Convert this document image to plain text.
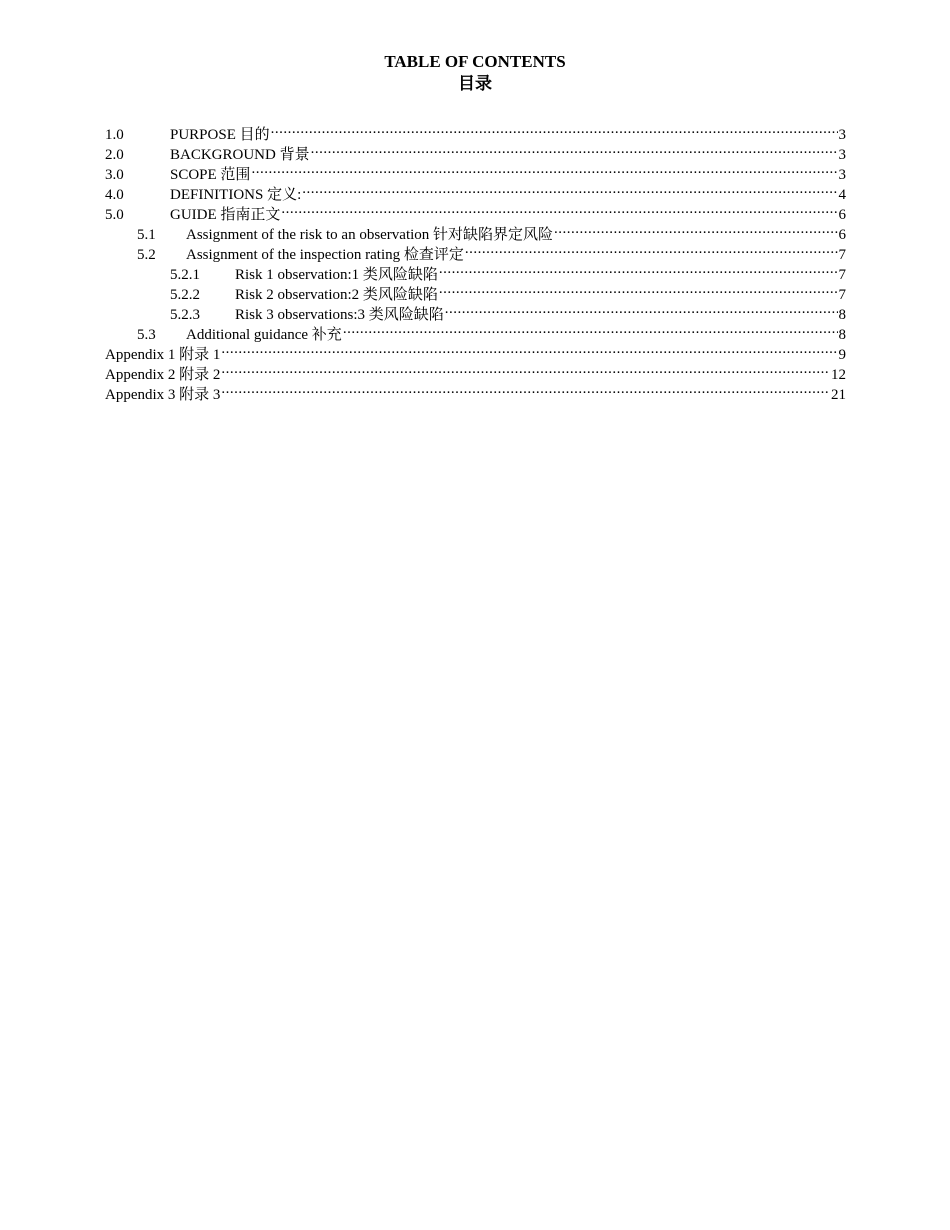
TABLE OF CONTENTS
目录
1.0	PURPOSE 目的 .....	3
2.0	BACKGROUND 背景 .....	3
3.0	SCOPE 范围 .....	3
4.0	DEFINITIONS 定义: .....	4
5.0	GUIDE 指南正文 .....	6
5.1	Assignment of the risk to an observation 针对缺陷界定风险 .....	6
5.2	Assignment of the inspection rating 检查评定 .....	7
5.2.1	Risk 1 observation:1 类风险缺陷 .....	7
5.2.2	Risk 2 observation:2 类风险缺陷 .....	7
5.2.3	Risk 3 observations:3 类风险缺陷 .....	8
5.3	Additional guidance 补充 .....	8
Appendix 1 附录 1 .....	9
Appendix 2 附录 2 .....	12
Appendix 3 附录 3 .....	21
